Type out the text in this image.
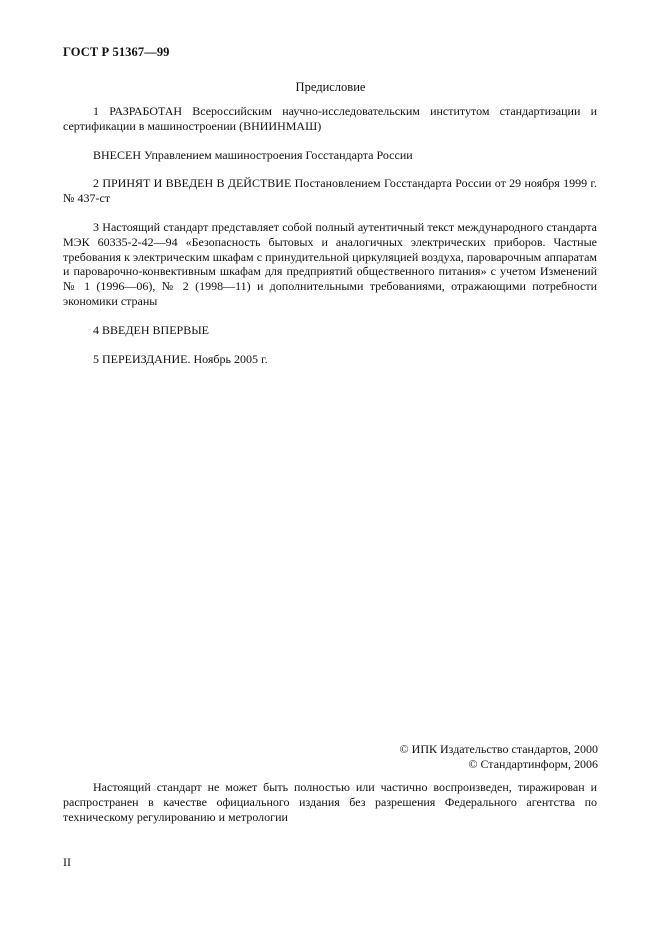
ГОСТ Р 51367—99
Предисловие

1 РАЗРАБОТАН Всероссийским научно-исследовательским институтом стандартизации и сертификации в машиностроении (ВНИИНМАШ)

ВНЕСЕН Управлением машиностроения Госстандарта России

2 ПРИНЯТ И ВВЕДЕН В ДЕЙСТВИЕ Постановлением Госстандарта России от 29 ноября 1999 г. № 437-ст

3 Настоящий стандарт представляет собой полный аутентичный текст международного стандарта МЭК 60335-2-42—94 «Безопасность бытовых и аналогичных электрических приборов. Частные требования к электрическим шкафам с принудительной циркуляцией воздуха, пароварочным аппаратам и пароварочно-конвективным шкафам для предприятий общественного питания» с учетом Изменений № 1 (1996—06), № 2 (1998—11) и дополнительными требованиями, отражающими потребности экономики страны

4 ВВЕДЕН ВПЕРВЫЕ

5 ПЕРЕИЗДАНИЕ. Ноябрь 2005 г.

© ИПК Издательство стандартов, 2000
© Стандартинформ, 2006

Настоящий стандарт не может быть полностью или частично воспроизведен, тиражирован и распространен в качестве официального издания без разрешения Федерального агентства по техническому регулированию и метрологии

II
